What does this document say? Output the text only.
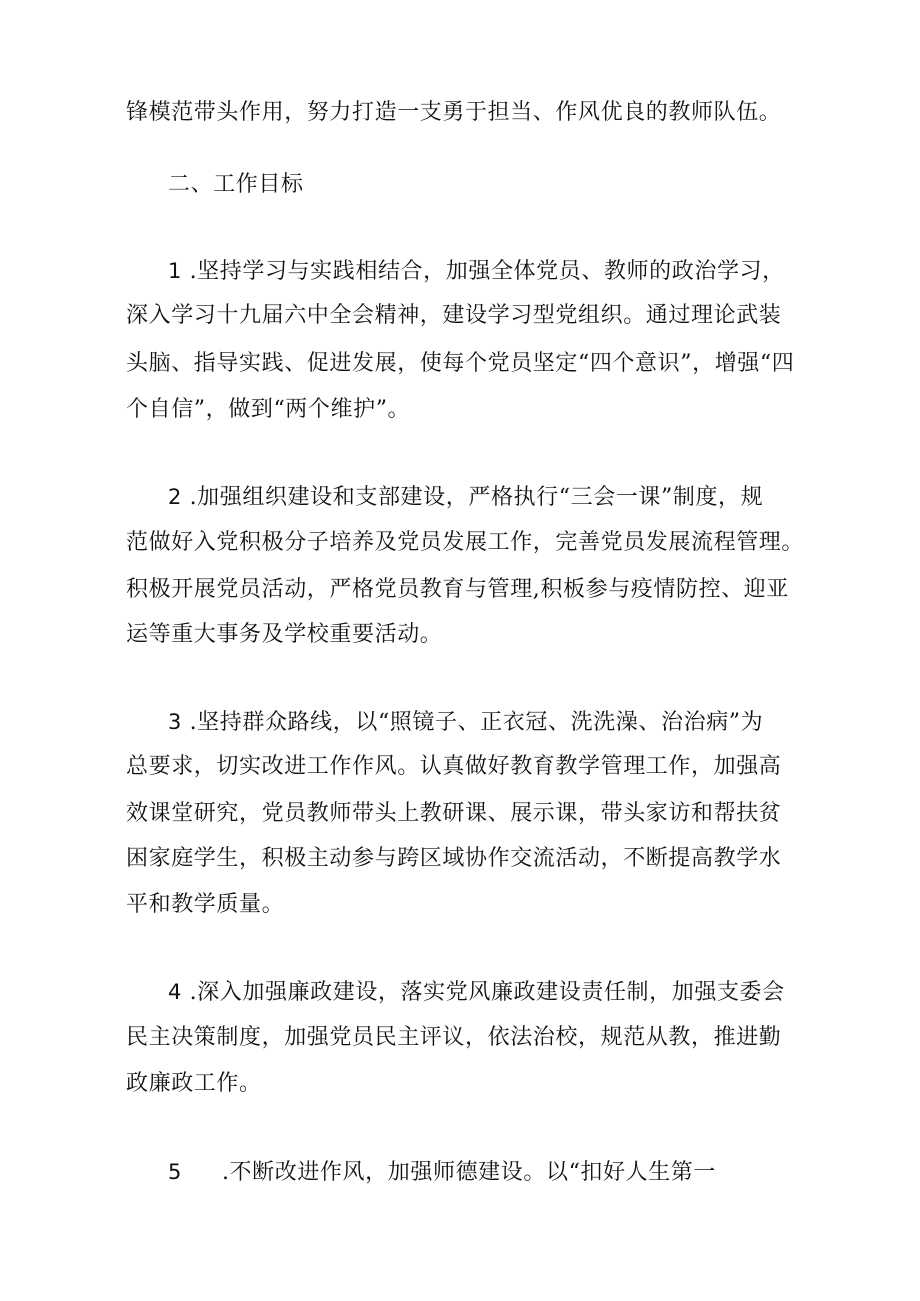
锋模范带头作用，努力打造一支勇于担当、作风优良的教师队伍。
二、工作目标
1 .坚持学习与实践相结合，加强全体党员、教师的政治学习，
深入学习十九届六中全会精神，建设学习型党组织。通过理论武装
头脑、指导实践、促进发展，使每个党员坚定“四个意识”，增强“四
个自信”，做到“两个维护”。
2 .加强组织建设和支部建设，严格执行“三会一课”制度，规
范做好入党积极分子培养及党员发展工作，完善党员发展流程管理。
积极开展党员活动，严格党员教育与管理,积板参与疫情防控、迎亚
运等重大事务及学校重要活动。
3 .坚持群众路线，以“照镜子、正衣冠、洗洗澡、治治病”为
总要求，切实改进工作作风。认真做好教育教学管理工作，加强高
效课堂研究，党员教师带头上教研课、展示课，带头家访和帮扶贫
困家庭学生，积极主动参与跨区域协作交流活动，不断提高教学水
平和教学质量。
4 .深入加强廉政建设，落实党风廉政建设责任制，加强支委会
民主决策制度，加强党员民主评议，依法治校，规范从教，推进勤
政廉政工作。
5 .不断改进作风，加强师德建设。以“扣好人生第一
